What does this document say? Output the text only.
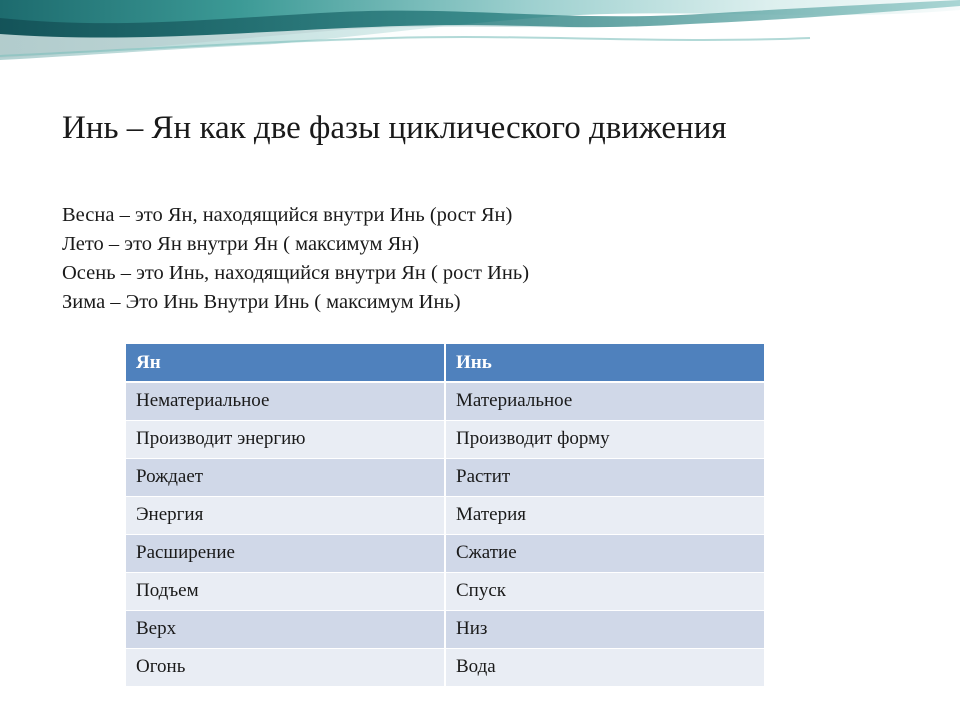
Инь – Ян как две фазы циклического движения
Весна – это Ян, находящийся внутри Инь (рост Ян)
Лето – это Ян внутри Ян ( максимум Ян)
Осень – это Инь, находящийся внутри Ян ( рост Инь)
Зима – Это Инь Внутри Инь ( максимум Инь)
Ян	Инь
Нематериальное	Материальное
Производит энергию	Производит форму
Рождает	Растит
Энергия	Материя
Расширение	Сжатие
Подъем	Спуск
Верх	Низ
Огонь	Вода
